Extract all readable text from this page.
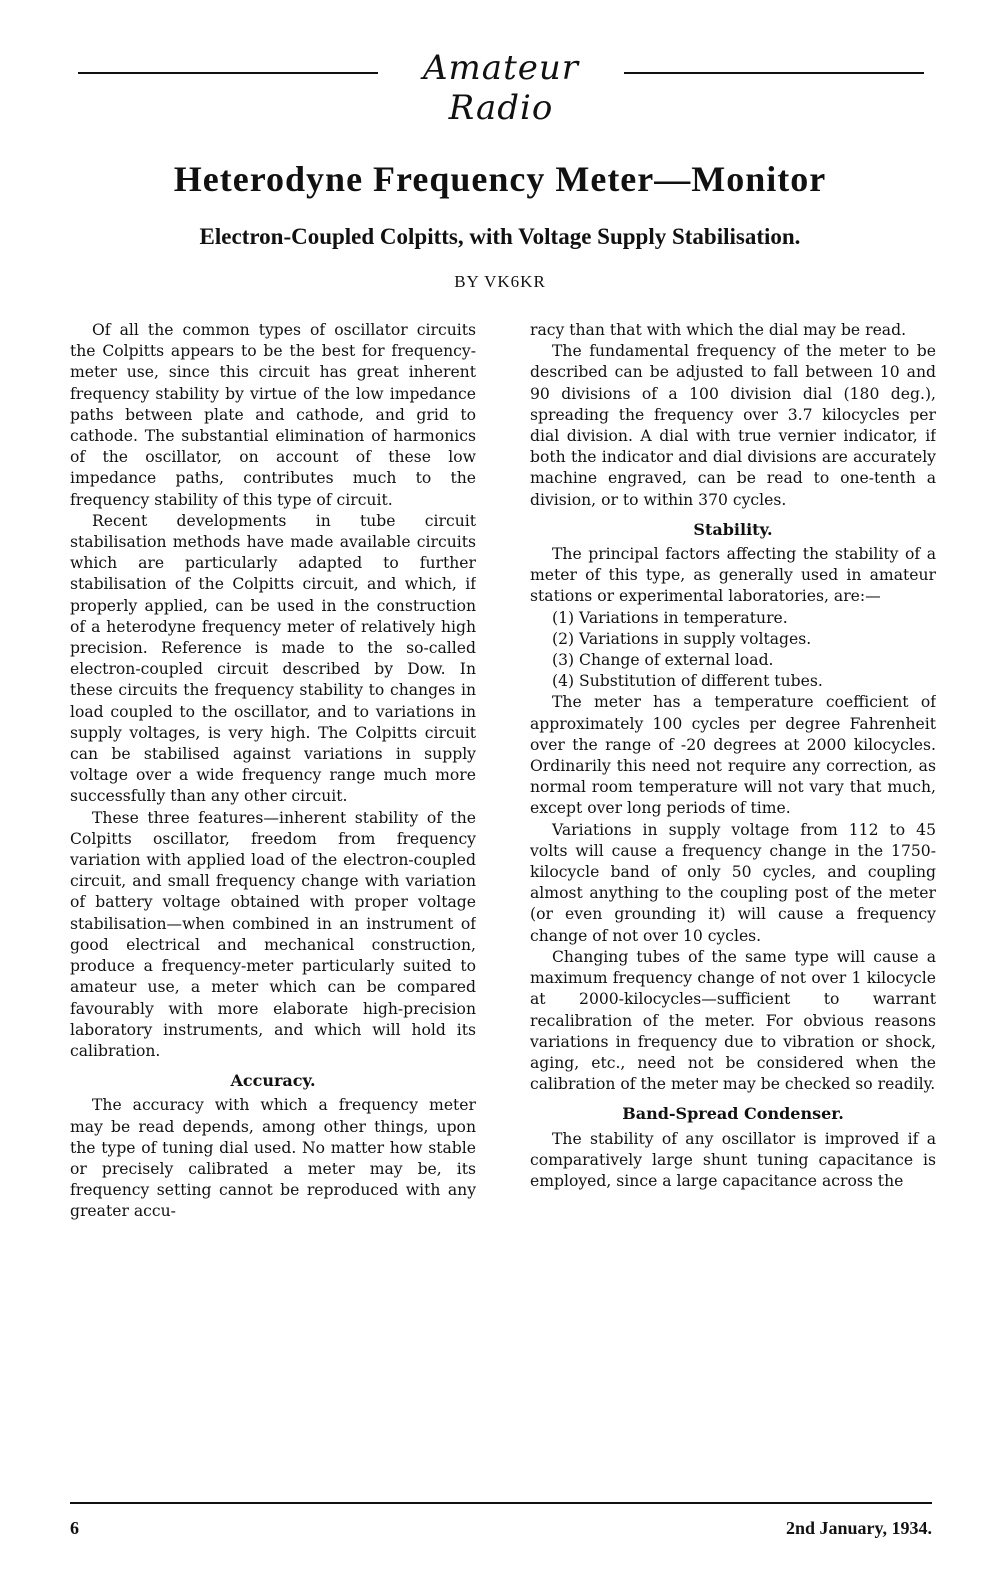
Amateur Radio
Heterodyne Frequency Meter—Monitor
Electron-Coupled Colpitts, with Voltage Supply Stabilisation.
BY VK6KR

Of all the common types of oscillator circuits the Colpitts appears to be the best for frequency-meter use, since this circuit has great inherent frequency stability by virtue of the low impedance paths between plate and cathode, and grid to cathode. The substantial elimination of harmonics of the oscillator, on account of these low impedance paths, contributes much to the frequency stability of this type of circuit.

Recent developments in tube circuit stabilisation methods have made available circuits which are particularly adapted to further stabilisation of the Colpitts circuit, and which, if properly applied, can be used in the construction of a heterodyne frequency meter of relatively high precision. Reference is made to the so-called electron-coupled circuit described by Dow. In these circuits the frequency stability to changes in load coupled to the oscillator, and to variations in supply voltages, is very high. The Colpitts circuit can be stabilised against variations in supply voltage over a wide frequency range much more successfully than any other circuit.

These three features—inherent stability of the Colpitts oscillator, freedom from frequency variation with applied load of the electron-coupled circuit, and small frequency change with variation of battery voltage obtained with proper voltage stabilisation—when combined in an instrument of good electrical and mechanical construction, produce a frequency-meter particularly suited to amateur use, a meter which can be compared favourably with more elaborate high-precision laboratory instruments, and which will hold its calibration.

Accuracy.

The accuracy with which a frequency meter may be read depends, among other things, upon the type of tuning dial used. No matter how stable or precisely calibrated a meter may be, its frequency setting cannot be reproduced with any greater accu-

racy than that with which the dial may be read.

The fundamental frequency of the meter to be described can be adjusted to fall between 10 and 90 divisions of a 100 division dial (180 deg.), spreading the frequency over 3.7 kilocycles per dial division. A dial with true vernier indicator, if both the indicator and dial divisions are accurately machine engraved, can be read to one-tenth a division, or to within 370 cycles.

Stability.

The principal factors affecting the stability of a meter of this type, as generally used in amateur stations or experimental laboratories, are:—

(1) Variations in temperature.
(2) Variations in supply voltages.
(3) Change of external load.
(4) Substitution of different tubes.

The meter has a temperature coefficient of approximately 100 cycles per degree Fahrenheit over the range of -20 degrees at 2000 kilocycles. Ordinarily this need not require any correction, as normal room temperature will not vary that much, except over long periods of time.

Variations in supply voltage from 112 to 45 volts will cause a frequency change in the 1750-kilocycle band of only 50 cycles, and coupling almost anything to the coupling post of the meter (or even grounding it) will cause a frequency change of not over 10 cycles.

Changing tubes of the same type will cause a maximum frequency change of not over 1 kilocycle at 2000-kilocycles—sufficient to warrant recalibration of the meter. For obvious reasons variations in frequency due to vibration or shock, aging, etc., need not be considered when the calibration of the meter may be checked so readily.

Band-Spread Condenser.

The stability of any oscillator is improved if a comparatively large shunt tuning capacitance is employed, since a large capacitance across the

6	2nd January, 1934.
